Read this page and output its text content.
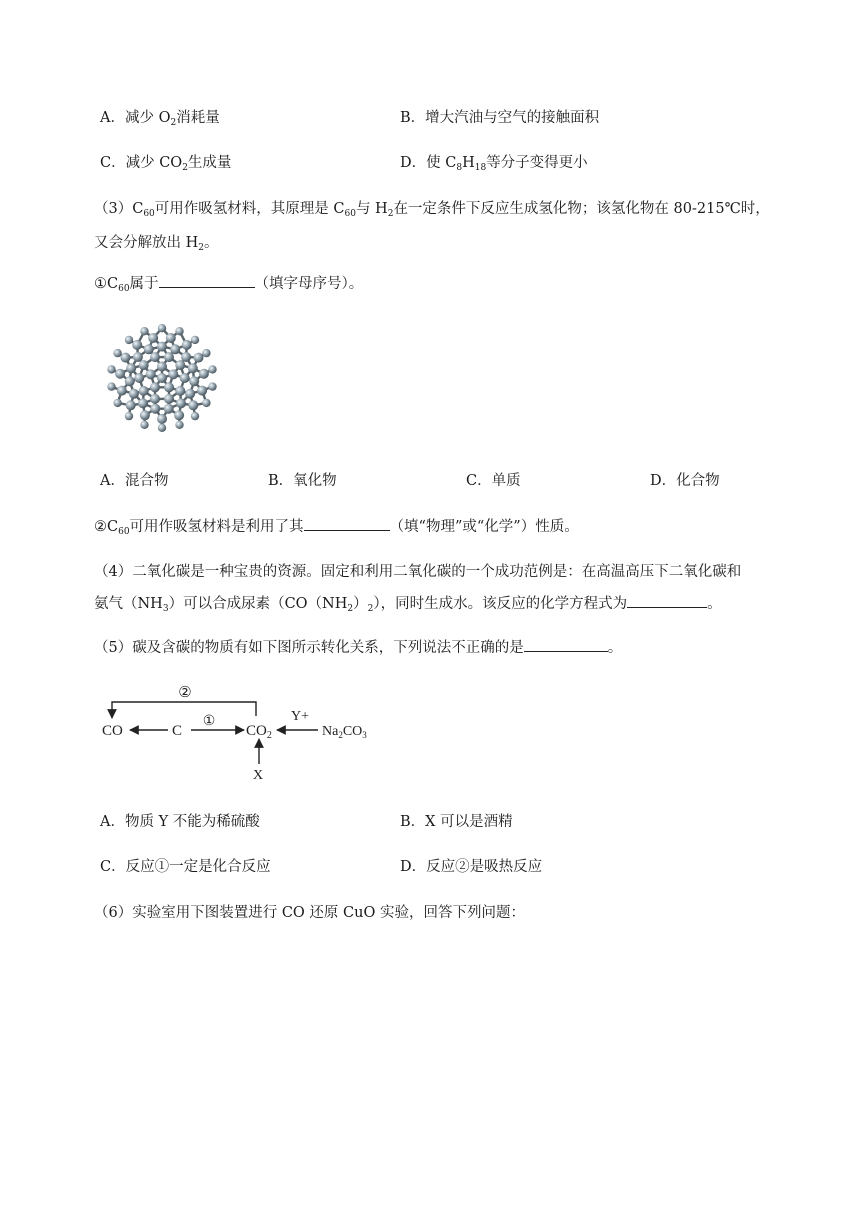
A．减少 $O_2$消耗量	B．增大汽油与空气的接触面积
C．减少 $CO_2$生成量	D．使 $C_8H_{18}$等分子变得更小
$(3)C_{60}$可用作吸氢材料，其原理是 $C_{60}$与 $H_2$在一定条件下反应生成氢化物；该氢化物在 80-215℃时，
又会分解放出 $H_2$。
$①C_{60}$属于	（填字母序号）。
A．混合物	B．氧化物	C．单质	D．化合物
$②C_{60}$可用作吸氢材料是利用了其	（填“物理”或“化学”）性质。
（4）二氧化碳是一种宝贵的资源。固定和利用二氧化碳的一个成功范例是：在高温高压下二氧化碳和
氨气$(NH_3)$可以合成尿素$(CO(NH_2)_2)$，同时生成水。该反应的化学方程式为	。
（5）碳及含碳的物质有如下图所示转化关系，下列说法不正确的是	。
②
①	Y+
CO	C	$CO_2$	$Na_2CO_3$
X
A．物质 Y 不能为稀硫酸	B．X 可以是酒精
C．反应①一定是化合反应	D．反应②是吸热反应
（6）实验室用下图装置进行 CO 还原 CuO 实验，回答下列问题：
